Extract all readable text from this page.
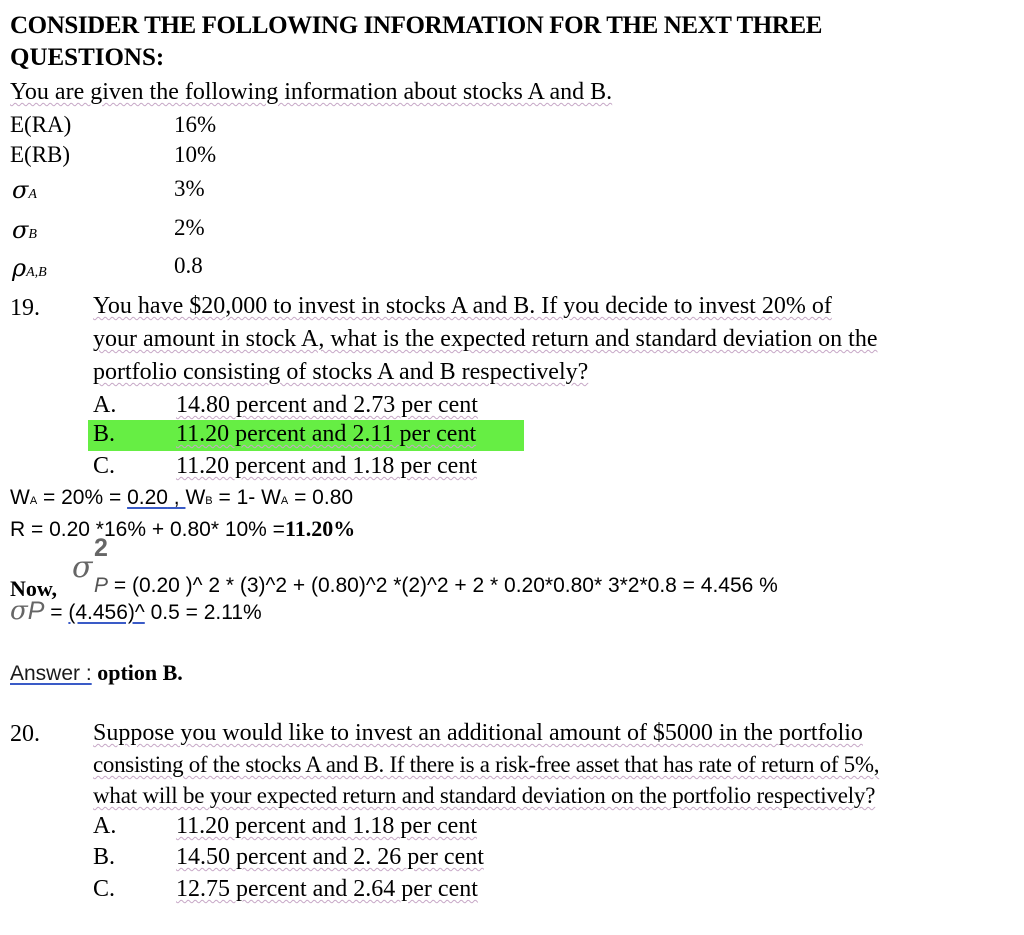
CONSIDER THE FOLLOWING INFORMATION FOR THE NEXT THREE
QUESTIONS:
You are given the following information about stocks A and B.
E(RA)	16%
E(RB)	10%
σA	3%
σB	2%
ρA,B	0.8
19. You have $20,000 to invest in stocks A and B. If you decide to invest 20% of
your amount in stock A, what is the expected return and standard deviation on the
portfolio consisting of stocks A and B respectively?
A. 14.80 percent and 2.73 per cent
B.	11.20 percent and 2.11 per cent
C.	11.20 percent and 1.18 per cent
WA = 20% = 0.20 , WB = 1- WA = 0.80
R = 0.20 *16% + 0.80* 10% =11.20%
σ
2
Now, P = (0.20 )^ 2 * (3)^2 + (0.80)^2 *(2)^2 + 2 * 0.20*0.80* 3*2*0.8 = 4.456 %
σP = (4.456)^ 0.5 = 2.11%
Answer : option B.
20. Suppose you would like to invest an additional amount of $5000 in the portfolio
consisting of the stocks A and B. If there is a risk-free asset that has rate of return of 5%,
what will be your expected return and standard deviation on the portfolio respectively?
A. 11.20 percent and 1.18 per cent
B.	14.50 percent and 2. 26 per cent
C.	12.75 percent and 2.64 per cent
